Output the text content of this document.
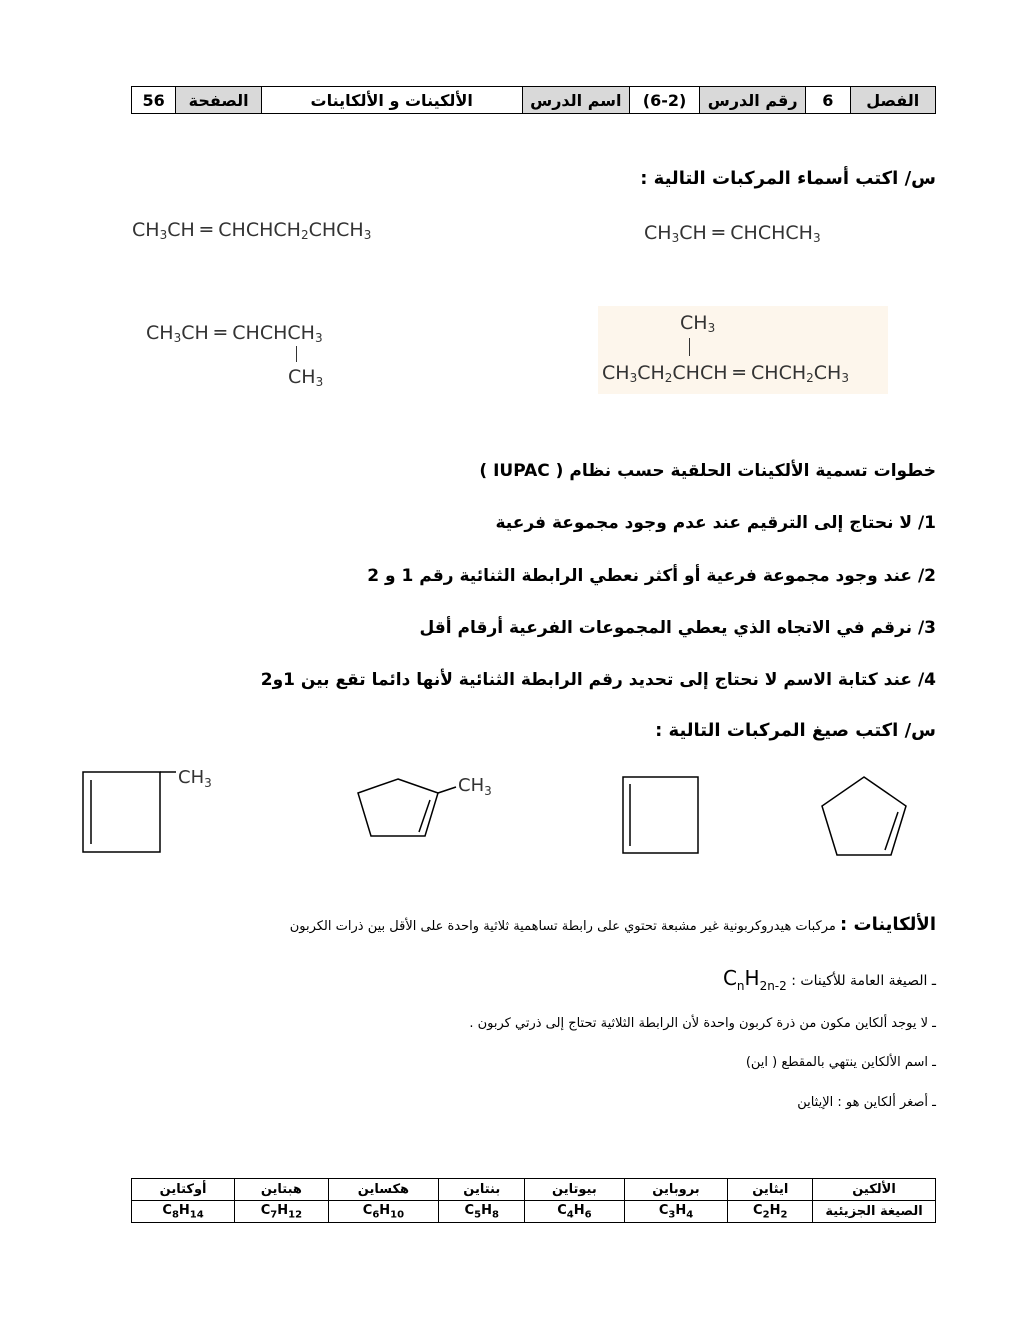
الفصل	6	رقم الدرس	(6-2)	اسم الدرس	الألكينات و الألكاينات	الصفحة	56
س/ اكتب أسماء المركبات التالية :
$CH_3CH$ ═ $CHCHCH_3$
$CH_3CH$ ═ $CHCHCH_2CHCH_3$
$CH_3CH$ ═ $CHCHCH_3$
$CH_3$
$CH_3$
$CH_3CH_2CHCH$ ═ $CHCH_2CH_3$
خطوات تسمية الألكينات الحلقية حسب نظام ( IUPAC )
1/ لا نحتاج إلى الترقيم عند عدم وجود مجموعة فرعية
2/ عند وجود مجموعة فرعية أو أكثر نعطي الرابطة الثنائية رقم 1 و 2
3/ نرقم في الاتجاه الذي يعطي المجموعات الفرعية أرقام أقل
4/ عند كتابة الاسم لا نحتاج إلى تحديد رقم الرابطة الثنائية لأنها دائما تقع بين 1و2
س/ اكتب صيغ المركبات التالية :
$CH_3$	$CH_3$
الألكاينات : مركبات هيدروكربونية غير مشبعة تحتوي على رابطة تساهمية ثلاثية واحدة على الأقل بين ذرات الكربون
ـ الصيغة العامة للأكينات : $C_nH_{2n-2}$
ـ لا يوجد ألكاين مكون من ذرة كربون واحدة لأن الرابطة الثلاثية تحتاج إلى ذرتي كربون .
ـ اسم الألكاين ينتهي بالمقطع ( اين)
ـ أصغر ألكاين هو : الإيثاين
الألكين	ايثاين	بروباين	بيوتاين	بنتاين	هكساين	هبتاين	أوكتاين
الصيغة الجزيئية	$C_2H_2$	$C_3H_4$	$C_4H_6$	$C_5H_8$	$C_6H_{10}$	$C_7H_{12}$	$C_8H_{14}$
